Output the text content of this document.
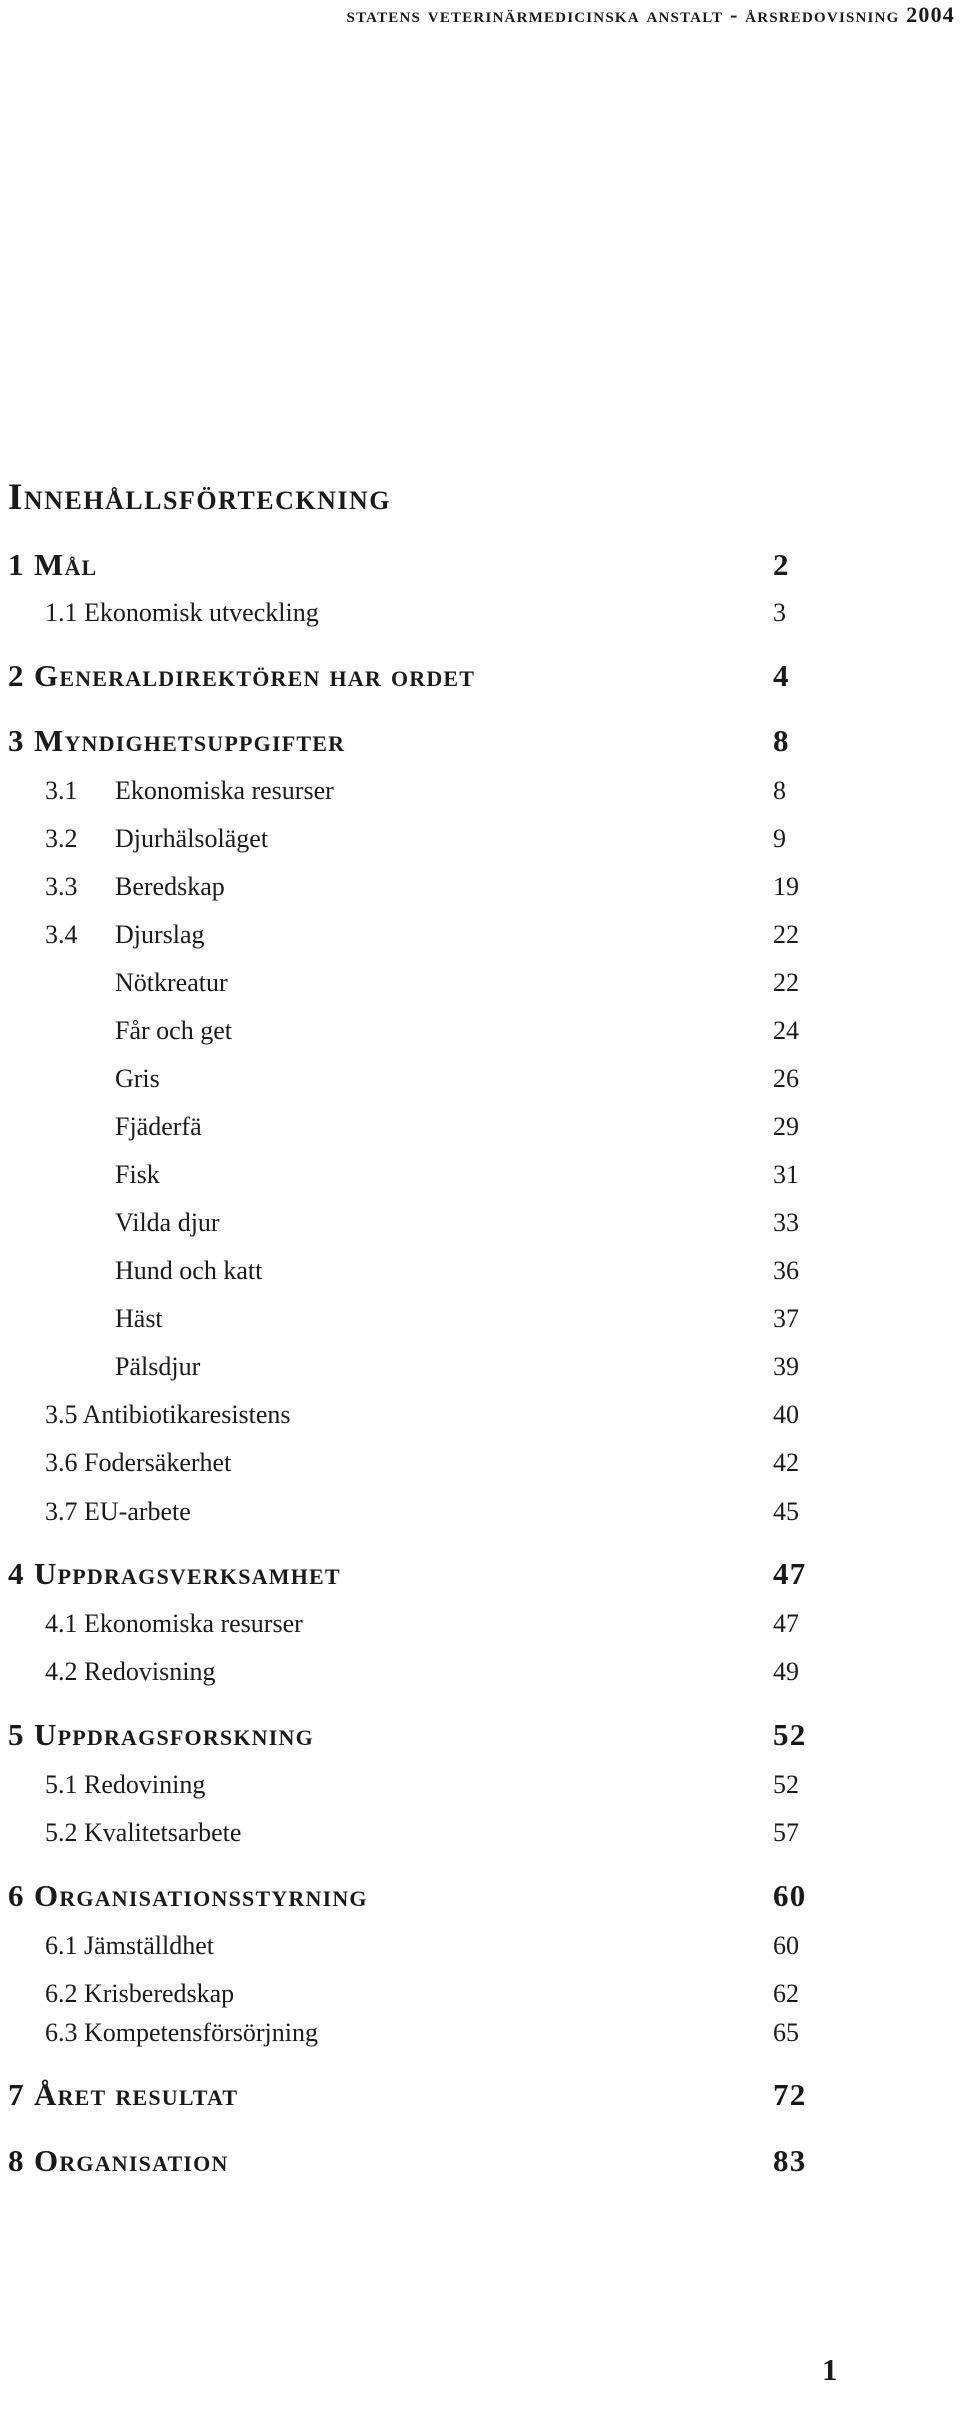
statens veterinärmedicinska anstalt - årsredovisning 2004
Innehållsförteckning
1 Mål	2
1.1 Ekonomisk utveckling	3
2 Generaldirektören har ordet	4
3 Myndighetsuppgifter	8
3.1 Ekonomiska resurser	8
3.2 Djurhälsoläget	9
3.3 Beredskap	19
3.4 Djurslag	22
Nötkreatur	22
Får och get	24
Gris	26
Fjäderfä	29
Fisk	31
Vilda djur	33
Hund och katt	36
Häst	37
Pälsdjur	39
3.5 Antibiotikaresistens	40
3.6 Fodersäkerhet	42
3.7 EU-arbete	45
4 Uppdragsverksamhet	47
4.1 Ekonomiska resurser	47
4.2 Redovisning	49
5 Uppdragsforskning	52
5.1 Redovining	52
5.2 Kvalitetsarbete	57
6 Organisationsstyrning	60
6.1 Jämställdhet	60
6.2 Krisberedskap	62
6.3 Kompetensförsörjning	65
7 Året resultat	72
8 Organisation	83
1
